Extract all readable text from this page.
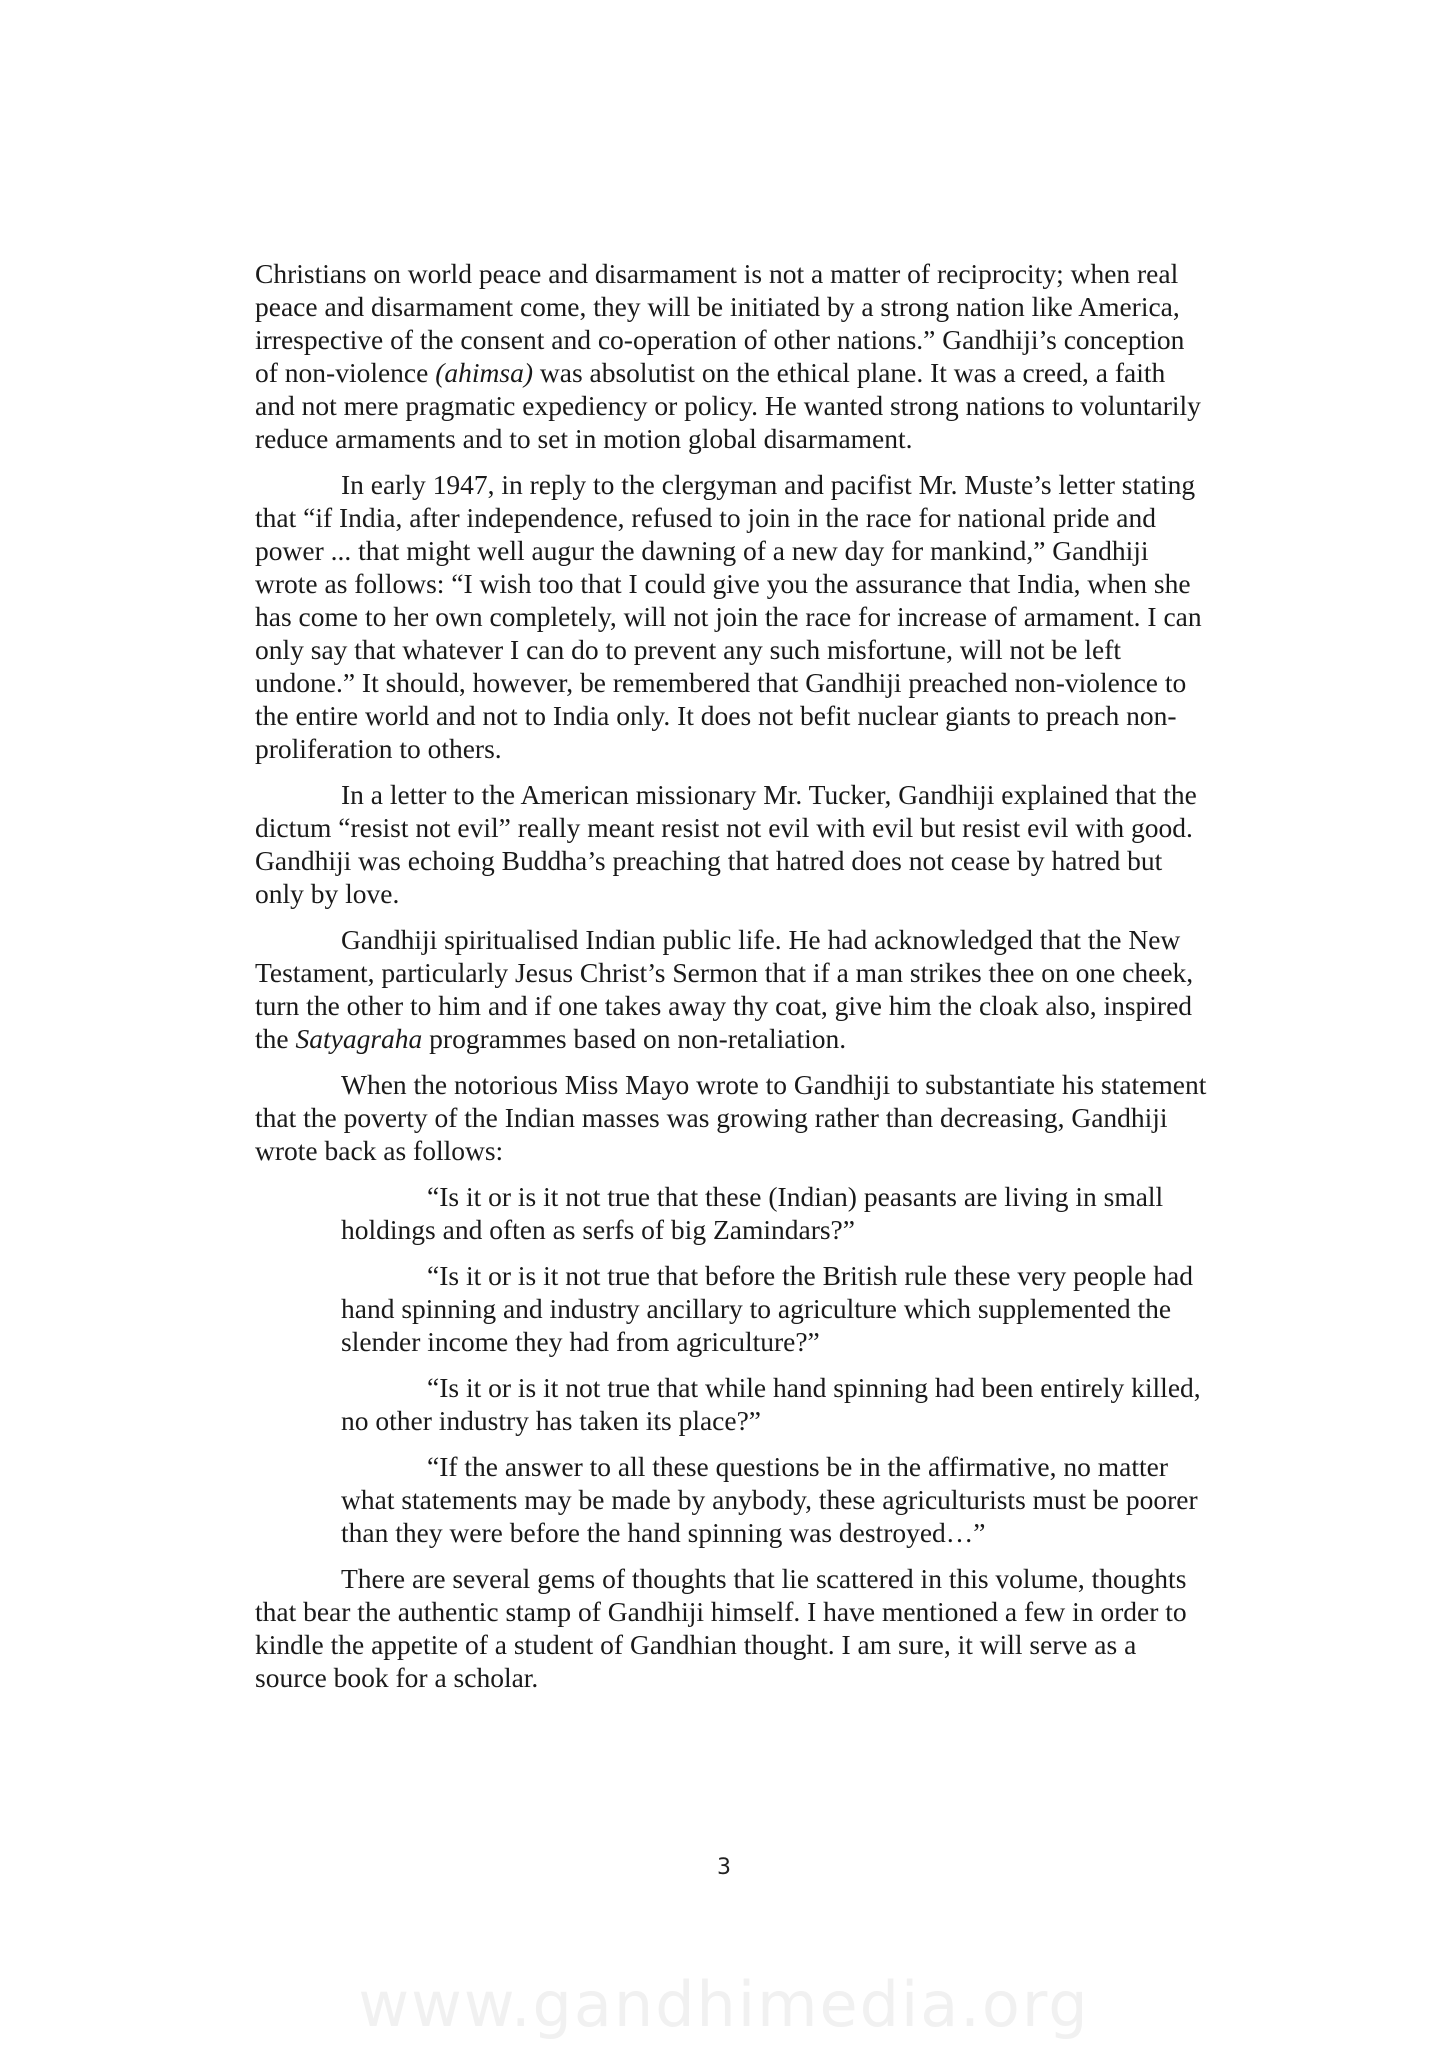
Christians on world peace and disarmament is not a matter of reciprocity; when real peace and disarmament come, they will be initiated by a strong nation like America, irrespective of the consent and co-operation of other nations.” Gandhiji’s conception of non-violence (ahimsa) was absolutist on the ethical plane. It was a creed, a faith and not mere pragmatic expediency or policy. He wanted strong nations to voluntarily reduce armaments and to set in motion global disarmament.

In early 1947, in reply to the clergyman and pacifist Mr. Muste’s letter stating that “if India, after independence, refused to join in the race for national pride and power ... that might well augur the dawning of a new day for mankind,” Gandhiji wrote as follows: “I wish too that I could give you the assurance that India, when she has come to her own completely, will not join the race for increase of armament. I can only say that whatever I can do to prevent any such misfortune, will not be left undone.” It should, however, be remembered that Gandhiji preached non-violence to the entire world and not to India only. It does not befit nuclear giants to preach non-proliferation to others.

In a letter to the American missionary Mr. Tucker, Gandhiji explained that the dictum “resist not evil” really meant resist not evil with evil but resist evil with good. Gandhiji was echoing Buddha’s preaching that hatred does not cease by hatred but only by love.

Gandhiji spiritualised Indian public life. He had acknowledged that the New Testament, particularly Jesus Christ’s Sermon that if a man strikes thee on one cheek, turn the other to him and if one takes away thy coat, give him the cloak also, inspired the Satyagraha programmes based on non-retaliation.

When the notorious Miss Mayo wrote to Gandhiji to substantiate his statement that the poverty of the Indian masses was growing rather than decreasing, Gandhiji wrote back as follows:

“Is it or is it not true that these (Indian) peasants are living in small holdings and often as serfs of big Zamindars?”

“Is it or is it not true that before the British rule these very people had hand spinning and industry ancillary to agriculture which supplemented the slender income they had from agriculture?”

“Is it or is it not true that while hand spinning had been entirely killed, no other industry has taken its place?”

“If the answer to all these questions be in the affirmative, no matter what statements may be made by anybody, these agriculturists must be poorer than they were before the hand spinning was destroyed…”

There are several gems of thoughts that lie scattered in this volume, thoughts that bear the authentic stamp of Gandhiji himself. I have mentioned a few in order to kindle the appetite of a student of Gandhian thought. I am sure, it will serve as a source book for a scholar.

3
www.gandhimedia.org
